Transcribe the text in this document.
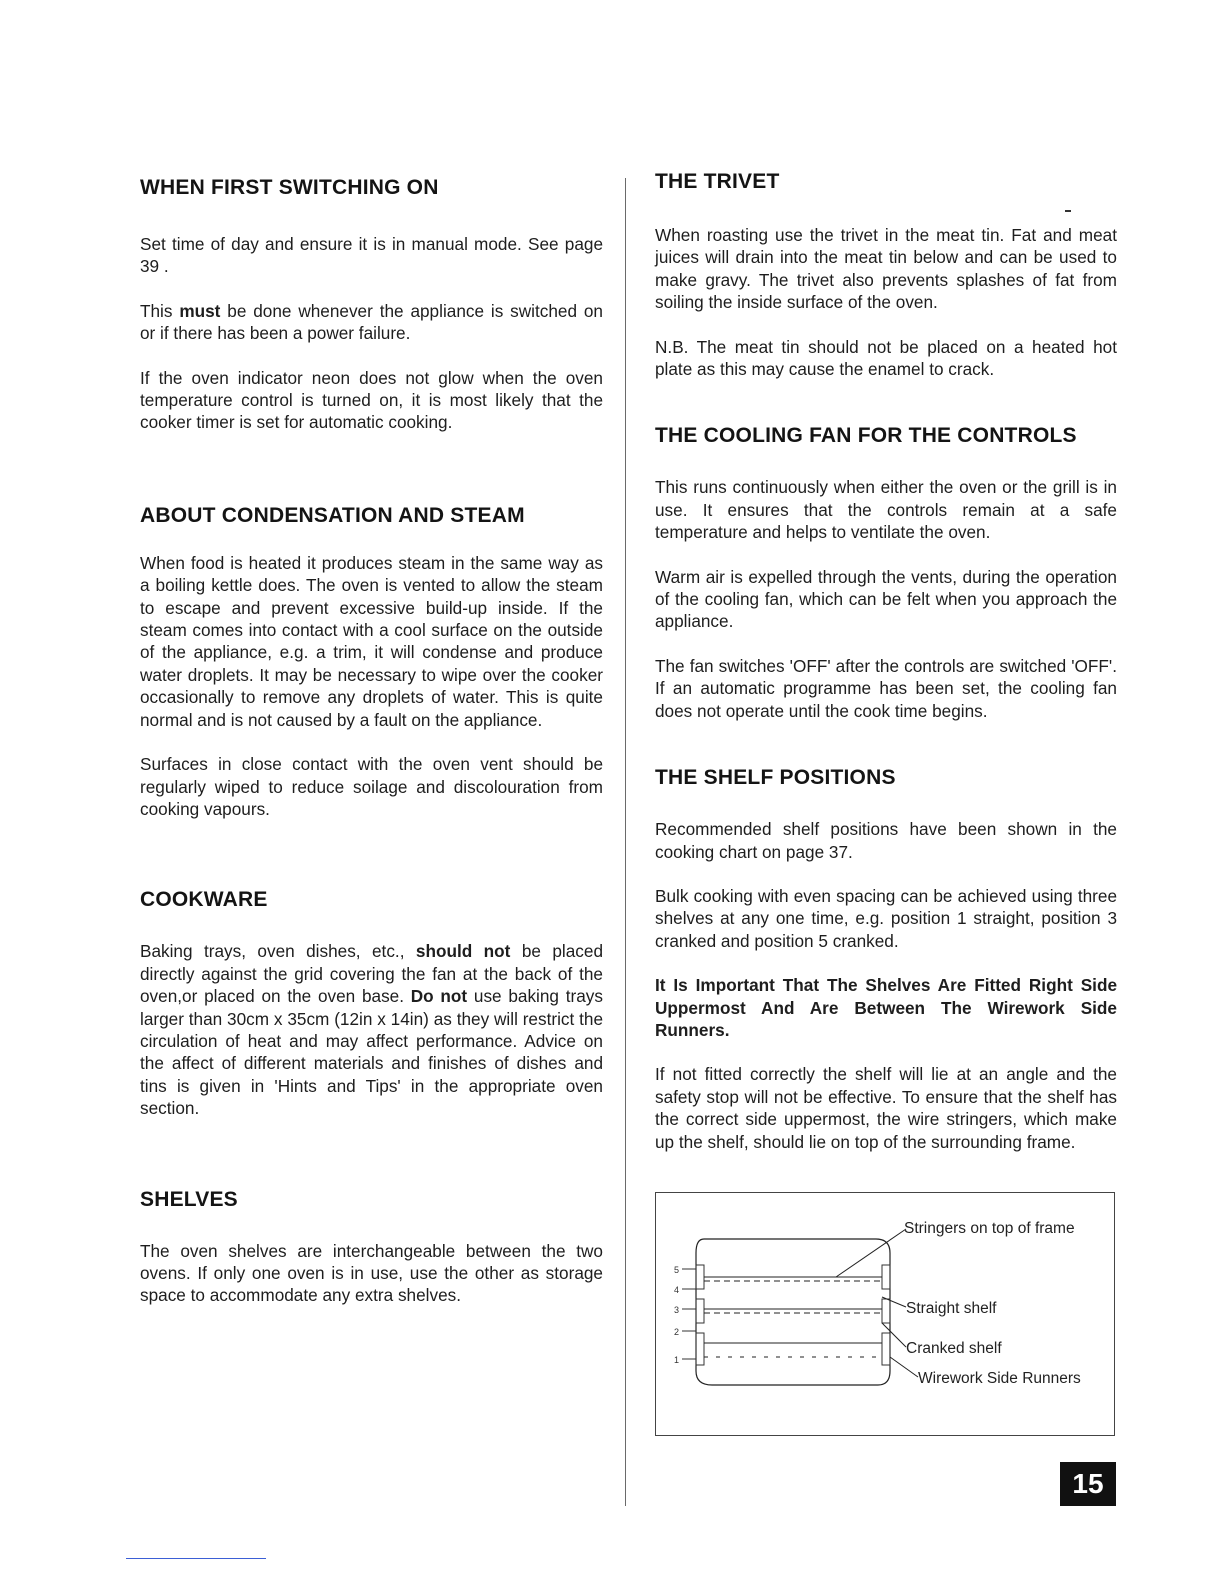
WHEN FIRST SWITCHING ON

Set time of day and ensure it is in manual mode. See page 39 .

This must be done whenever the appliance is switched on or if there has been a power failure.

If the oven indicator neon does not glow when the oven temperature control is turned on, it is most likely that the cooker timer is set for automatic cooking.

ABOUT CONDENSATION AND STEAM

When food is heated it produces steam in the same way as a boiling kettle does. The oven is vented to allow the steam to escape and prevent excessive build-up inside. If the steam comes into contact with a cool surface on the outside of the appliance, e.g. a trim, it will condense and produce water droplets. It may be necessary to wipe over the cooker occasionally to remove any droplets of water. This is quite normal and is not caused by a fault on the appliance.

Surfaces in close contact with the oven vent should be regularly wiped to reduce soilage and discolouration from cooking vapours.

COOKWARE

Baking trays, oven dishes, etc., should not be placed directly against the grid covering the fan at the back of the oven,or placed on the oven base. Do not use baking trays larger than 30cm x 35cm (12in x 14in) as they will restrict the circulation of heat and may affect performance. Advice on the affect of different materials and finishes of dishes and tins is given in 'Hints and Tips' in the appropriate oven section.

SHELVES

The oven shelves are interchangeable between the two ovens. If only one oven is in use, use the other as storage space to accommodate any extra shelves.

THE TRIVET

When roasting use the trivet in the meat tin. Fat and meat juices will drain into the meat tin below and can be used to make gravy. The trivet also prevents splashes of fat from soiling the inside surface of the oven.

N.B. The meat tin should not be placed on a heated hot plate as this may cause the enamel to crack.

THE COOLING FAN FOR THE CONTROLS

This runs continuously when either the oven or the grill is in use. It ensures that the controls remain at a safe temperature and helps to ventilate the oven.

Warm air is expelled through the vents, during the operation of the cooling fan, which can be felt when you approach the appliance.

The fan switches 'OFF' after the controls are switched 'OFF'. If an automatic programme has been set, the cooling fan does not operate until the cook time begins.

THE SHELF POSITIONS

Recommended shelf positions have been shown in the cooking chart on page 37.

Bulk cooking with even spacing can be achieved using three shelves at any one time, e.g. position 1 straight, position 3 cranked and position 5 cranked.

It Is Important That The Shelves Are Fitted Right Side Uppermost And Are Between The Wirework Side Runners.

If not fitted correctly the shelf will lie at an angle and the safety stop will not be effective. To ensure that the shelf has the correct side uppermost, the wire stringers, which make up the shelf, should lie on top of the surrounding frame.

5
4
3
2
1
Stringers on top of frame
Straight shelf
Cranked shelf
Wirework Side Runners
15
